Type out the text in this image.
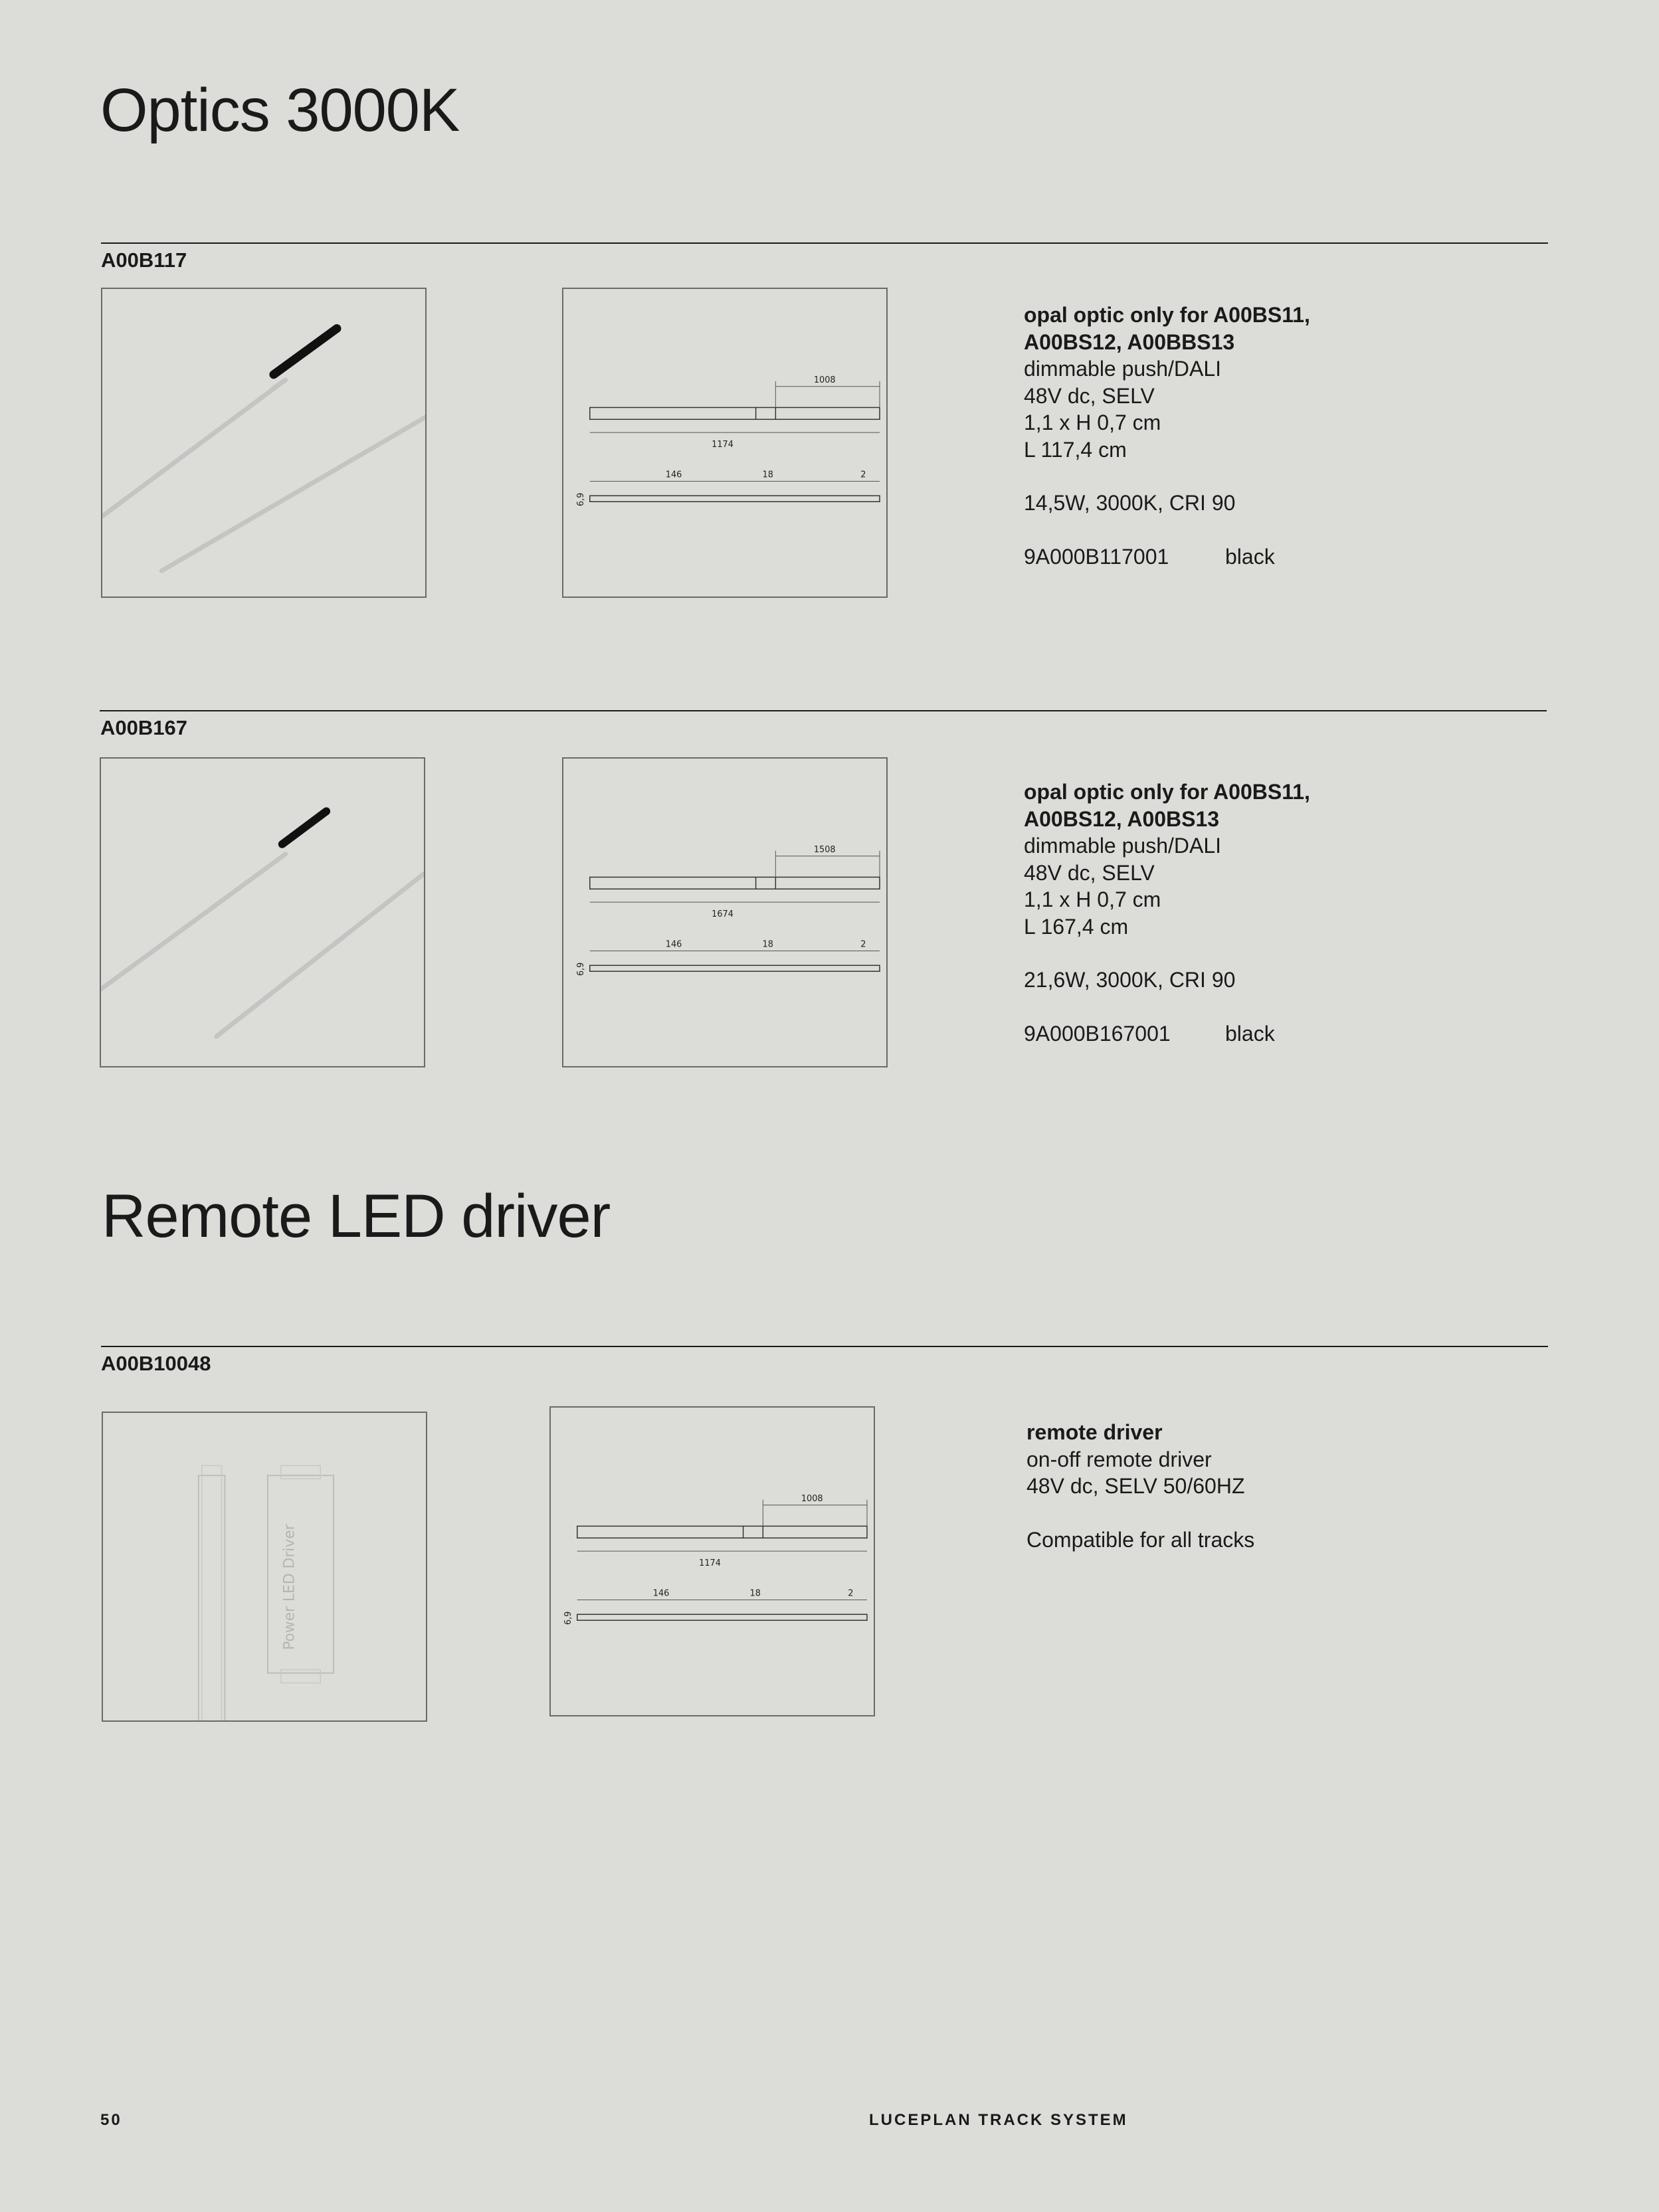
Optics 3000K
Remote LED driver
A00B117
1008
1174
146	18	2
6,9
opal optic only for A00BS11,
A00BS12, A00BBS13
dimmable push/DALI
48V dc, SELV
1,1 x H 0,7 cm
L 117,4 cm
14,5W, 3000K, CRI 90
9A000B117001	black
A00B167
1508
1674
146	18	2
6,9
opal optic only for A00BS11,
A00BS12, A00BS13
dimmable push/DALI
48V dc, SELV
1,1 x H 0,7 cm
L 167,4 cm
21,6W, 3000K, CRI 90
9A000B167001	black
A00B10048
Power LED Driver
1008
1174
146	18	2
6,9
remote driver
on-off remote driver
48V dc, SELV 50/60HZ
Compatible for all tracks
50	LUCEPLAN TRACK SYSTEM
